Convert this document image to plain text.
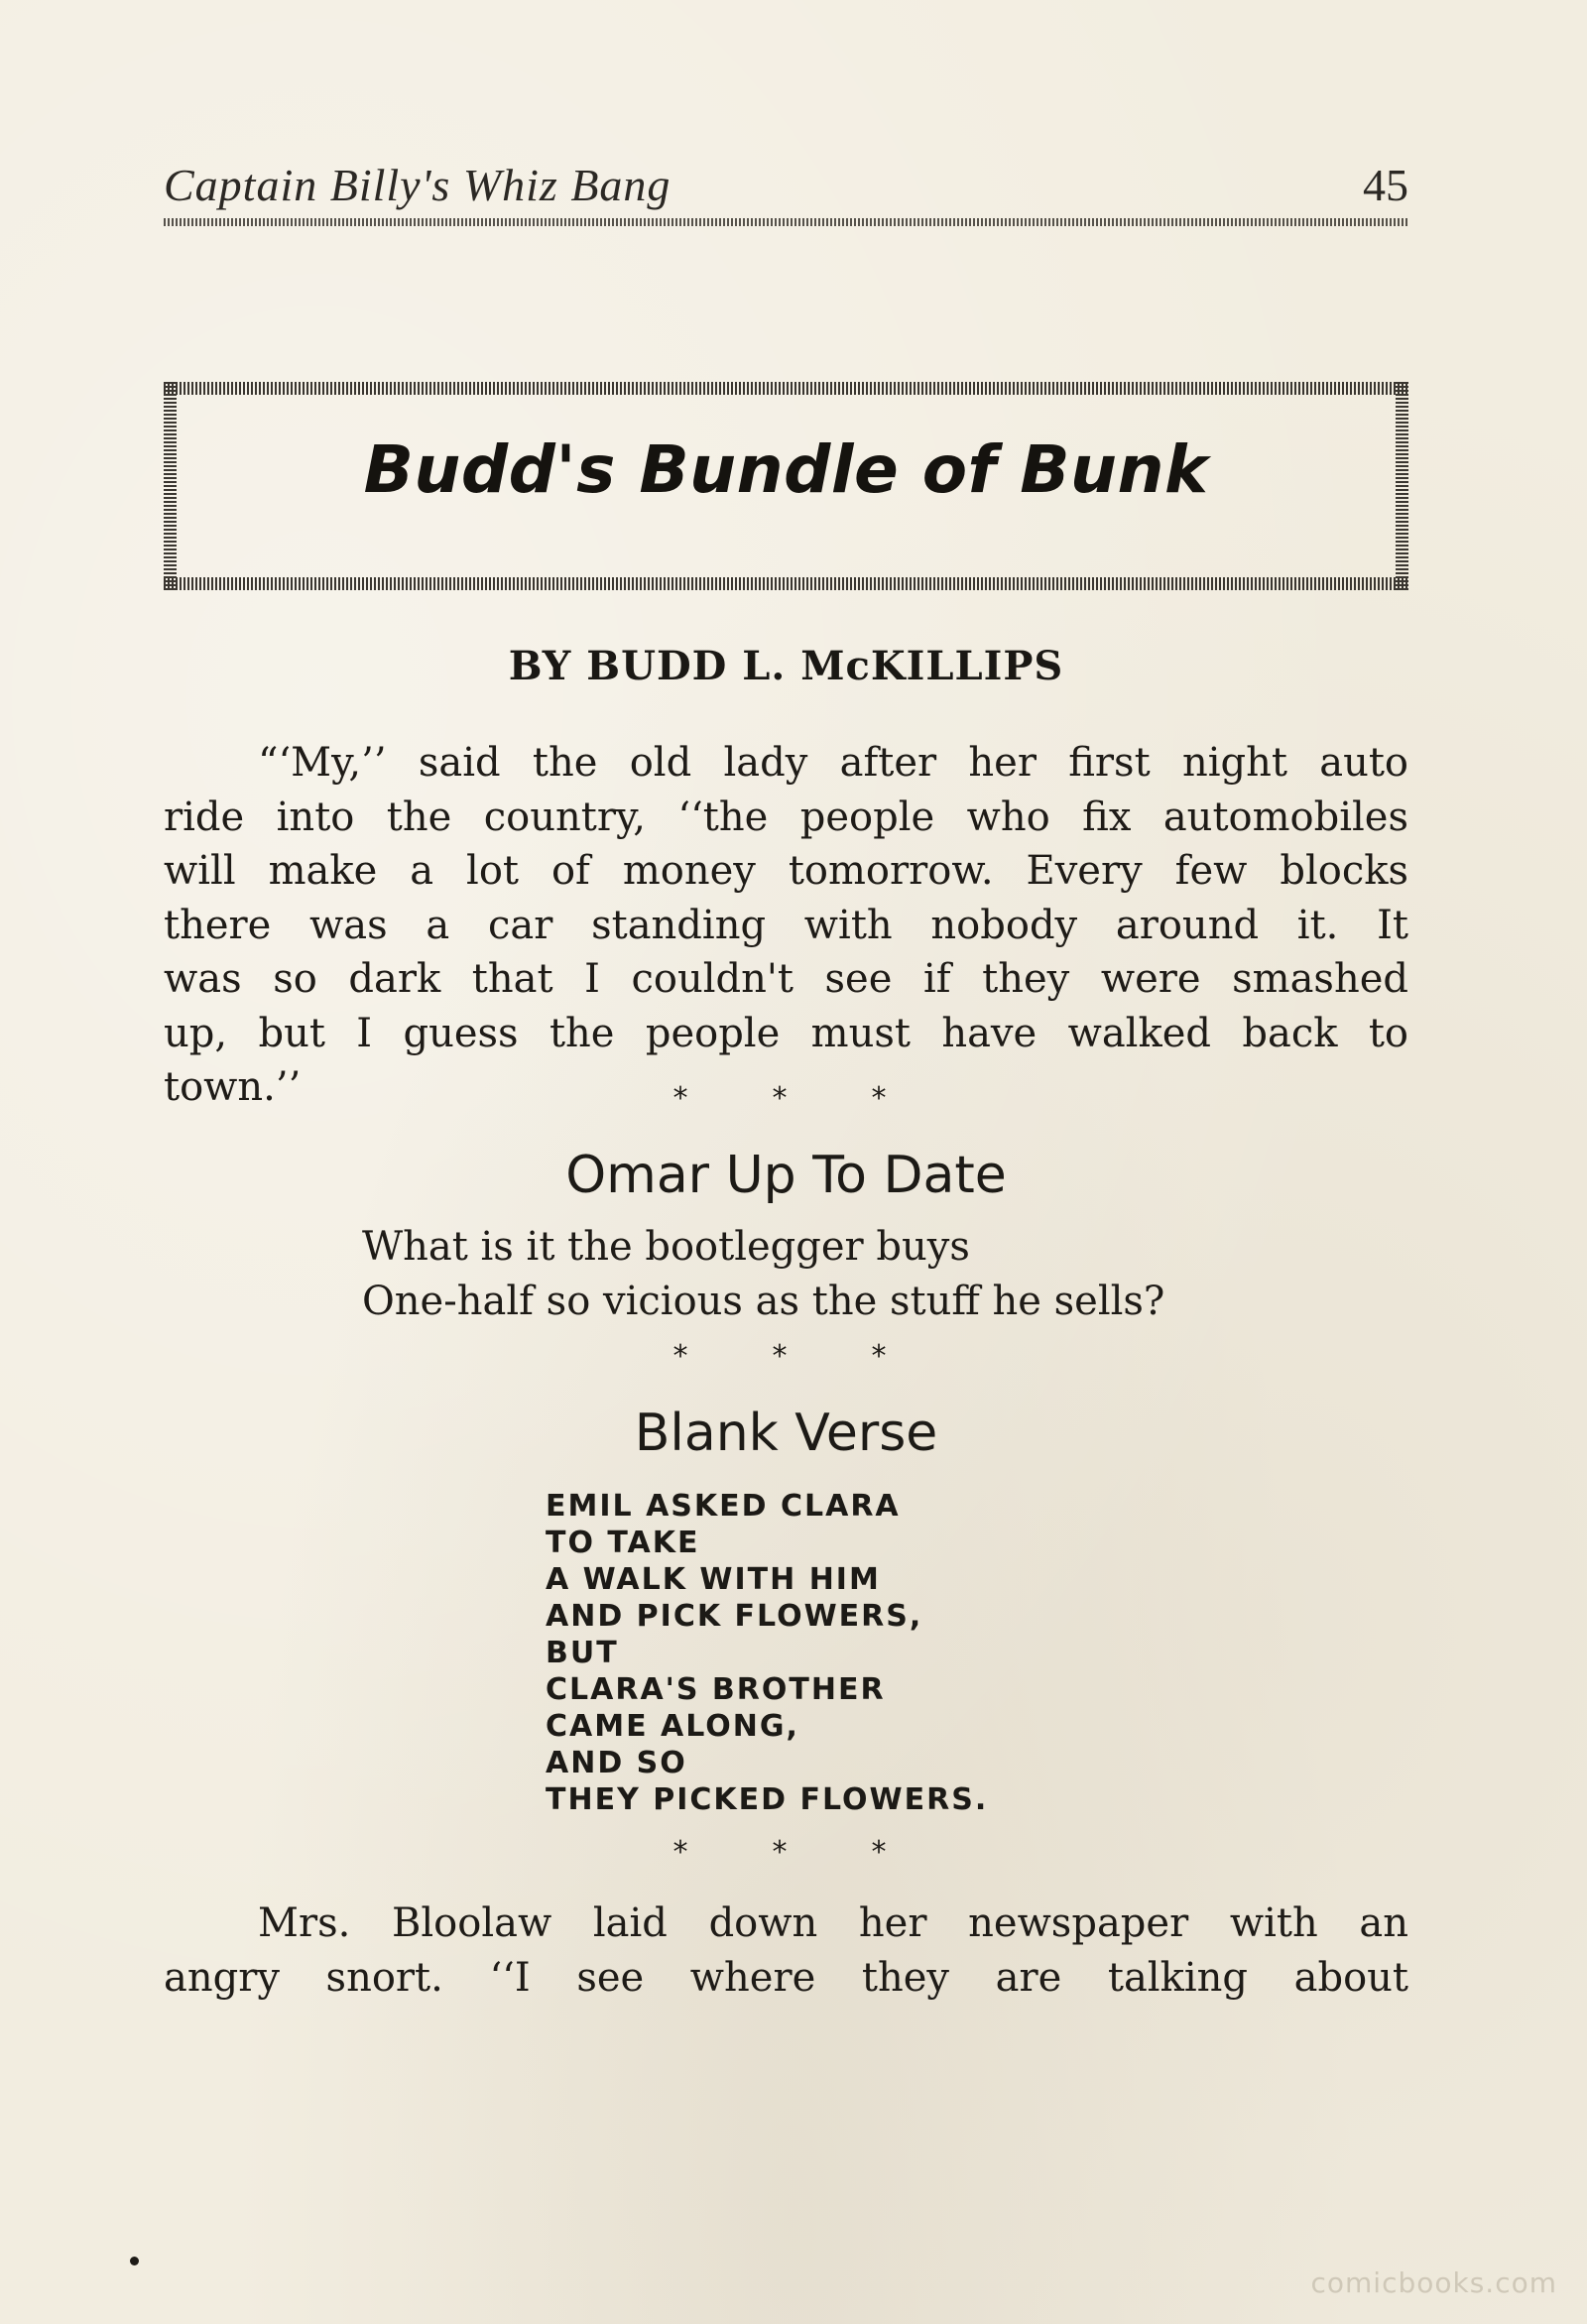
Captain Billy's Whiz Bang	45
Budd's Bundle of Bunk
BY BUDD L. McKILLIPS
“‘My,’’ said the old lady after her first night auto
ride into the country, ‘‘the people who fix automobiles
will make a lot of money tomorrow. Every few blocks
there was a car standing with nobody around it. It
was so dark that I couldn't see if they were smashed
up, but I guess the people must have walked back to
town.’’	*	*	*
Omar Up To Date
What is it the bootlegger buys
One-half so vicious as the stuff he sells?
*	*	*
Blank Verse
EMIL ASKED CLARA
TO TAKE
A WALK WITH HIM
AND PICK FLOWERS,
BUT
CLARA'S BROTHER
CAME ALONG,
AND SO
THEY PICKED FLOWERS.
*	*	*
Mrs. Bloolaw laid down her newspaper with an
angry snort. ‘‘I see where they are talking about
comicbooks.com
